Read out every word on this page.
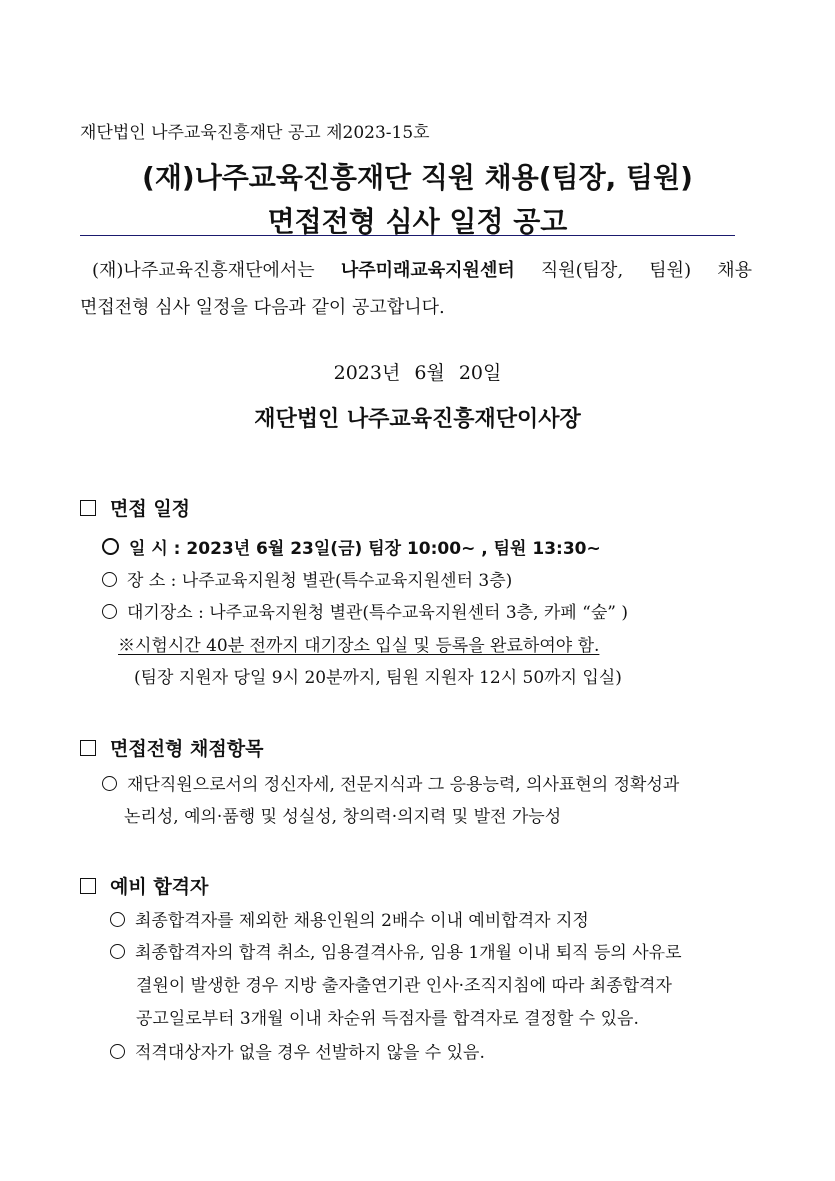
재단법인 나주교육진흥재단 공고 제2023-15호
(재)나주교육진흥재단 직원 채용(팀장, 팀원)
면접전형 심사 일정 공고
(재)나주교육진흥재단에서는 나주미래교육지원센터 직원(팀장, 팀원) 채용
면접전형 심사 일정을 다음과 같이 공고합니다.
2023년 6월 20일
재단법인 나주교육진흥재단이사장
면접 일정
일 시 : 2023년 6월 23일(금) 팀장 10:00~ , 팀원 13:30~
장 소 : 나주교육지원청 별관(특수교육지원센터 3층)
대기장소 : 나주교육지원청 별관(특수교육지원센터 3층, 카페 “숲” )
※시험시간 40분 전까지 대기장소 입실 및 등록을 완료하여야 함.
(팀장 지원자 당일 9시 20분까지, 팀원 지원자 12시 50까지 입실)
면접전형 채점항목
재단직원으로서의 정신자세, 전문지식과 그 응용능력, 의사표현의 정확성과
논리성, 예의·품행 및 성실성, 창의력·의지력 및 발전 가능성
예비 합격자
최종합격자를 제외한 채용인원의 2배수 이내 예비합격자 지정
최종합격자의 합격 취소, 임용결격사유, 임용 1개월 이내 퇴직 등의 사유로
결원이 발생한 경우 지방 출자출연기관 인사·조직지침에 따라 최종합격자
공고일로부터 3개월 이내 차순위 득점자를 합격자로 결정할 수 있음.
적격대상자가 없을 경우 선발하지 않을 수 있음.
